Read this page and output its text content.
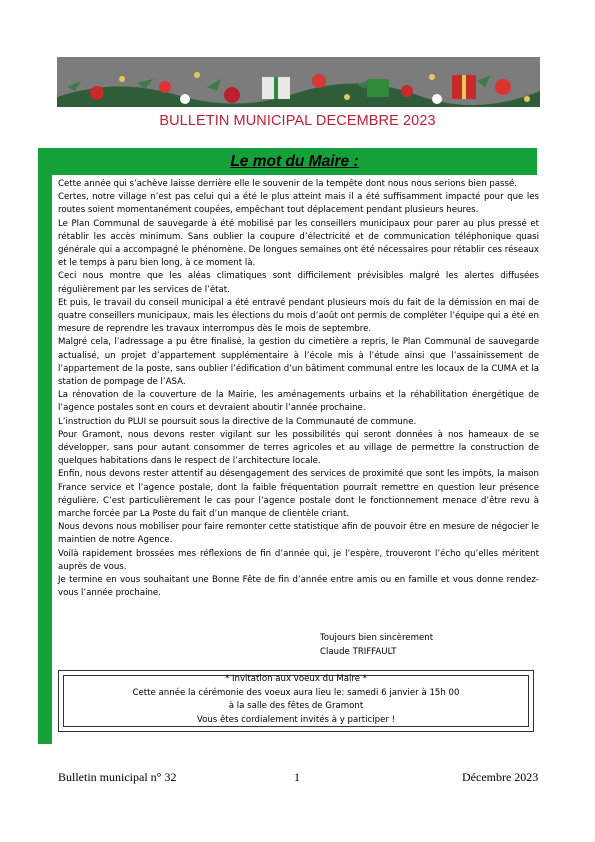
BULLETIN MUNICIPAL DECEMBRE 2023
Le mot du Maire :

Cette année qui s’achève laisse derrière elle le souvenir de la tempête dont nous nous serions bien passé.

Certes, notre village n’est pas celui qui a été le plus atteint mais il a été suffisamment impacté pour que les routes soient momentanément coupées, empêchant tout déplacement pendant plusieurs heures.

Le Plan Communal de sauvegarde à été mobilisé par les conseillers municipaux pour parer au plus pressé et rétablir les accès minimum. Sans oublier la coupure d’électricité et de communication téléphonique quasi générale qui a accompagné le phénomène. De longues semaines ont été nécessaires pour rétablir ces réseaux et le temps à paru bien long, à ce moment là.

Ceci nous montre que les aléas climatiques sont difficilement prévisibles malgré les alertes diffusées régulièrement par les services de l’état.

Et puis, le travail du conseil municipal a été entravé pendant plusieurs mois du fait de la démission en mai de quatre conseillers municipaux, mais les élections du mois d’août ont permis de compléter l’équipe qui a été en mesure de reprendre les travaux interrompus dès le mois de septembre.

Malgré cela, l’adressage a pu être finalisé, la gestion du cimetière a repris, le Plan Communal de sauvegarde actualisé, un projet d’appartement supplémentaire à l’école mis à l’étude ainsi que l’assainissement de l’appartement de la poste, sans oublier l’édification d’un bâtiment communal entre les locaux de la CUMA et la station de pompage de l’ASA.

La rénovation de la couverture de la Mairie, les aménagements urbains et la réhabilitation énergétique de l’agence postales sont en cours et devraient aboutir l’année prochaine.

L’instruction du PLUI se poursuit sous la directive de la Communauté de commune.

Pour Gramont, nous devons rester vigilant sur les possibilités qui seront données à nos hameaux de se développer, sans pour autant consommer de terres agricoles et au village de permettre la construction de quelques habitations dans le respect de l’architecture locale.

Enfin, nous devons rester attentif au désengagement des services de proximité que sont les impôts, la maison France service et l’agence postale, dont la faible fréquentation pourrait remettre en question leur présence régulière. C’est particulièrement le cas pour l’agence postale dont le fonctionnement menace d’être revu à marche forcée par La Poste du fait d’un manque de clientèle criant.

Nous devons nous mobiliser pour faire remonter cette statistique afin de pouvoir être en mesure de négocier le maintien de notre Agence.

Voilà rapidement brossées mes réflexions de fin d’année qui, je l’espère, trouveront l’écho qu’elles méritent auprès de vous.

Je termine en vous souhaitant une Bonne Fête de fin d’année entre amis ou en famille et vous donne rendez-vous l’année prochaine.

Toujours bien sincèrement
Claude TRIFFAULT
* Invitation aux voeux du Maire *
Cette année la cérémonie des voeux aura lieu le: samedi 6 janvier à 15h 00
à la salle des fêtes de Gramont
Vous êtes cordialement invités à y participer !
Bulletin municipal n° 32	1	Décembre 2023
